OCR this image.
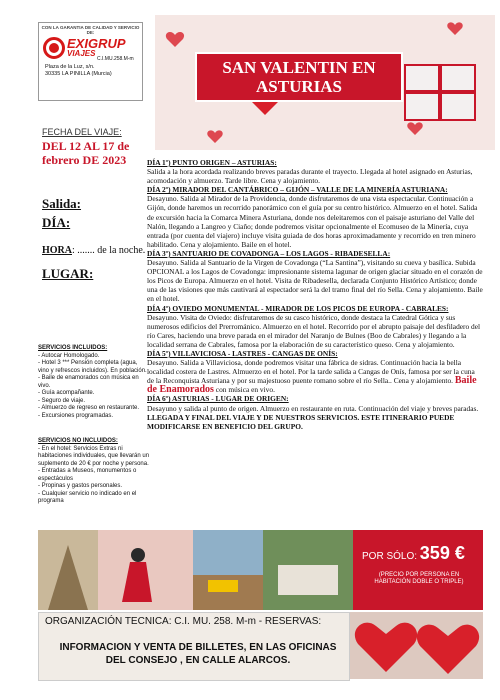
CON LA GARANTIA DE CALIDAD Y SERVICIO DE:
EXIGRUP
VIAJES
C.I.MU.258.M-m
Plaza de la Luz, s/n.
30335 LA PINILLA (Murcia)	SAN VALENTIN EN ASTURIAS
FECHA DEL VIAJE:
DEL 12 AL 17 de febrero DE 2023
Salida:
DÍA:
HORA: ....... de la noche.
LUGAR:
SERVICIOS INCLUIDOS:
- Autocar Homologado.
- Hotel 3 *** Pensión completa (agua, vino y refrescos incluidos). En población.
- Baile de enamorados con música en vivo.
- Guía acompañante.
- Seguro de viaje.
- Almuerzo de regreso en restaurante.
- Excursiones programadas.
SERVICIOS NO INCLUIDOS:
- En el hotel: Servicios Extras ni habitaciones individuales, que llevarán un suplemento de 20 € por noche y persona.
- Entradas a Museos, monumentos o espectáculos
- Propinas y gastos personales.
- Cualquier servicio no indicado en el programa

DÍA 1º) PUNTO ORIGEN – ASTURIAS:
Salida a la hora acordada realizando breves paradas durante el trayecto. Llegada al hotel asignado en Asturias, acomodación y almuerzo. Tarde libre. Cena y alojamiento.

DÍA 2º) MIRADOR DEL CANTÁBRICO – GIJÓN – VALLE DE LA MINERÍA ASTURIANA:
Desayuno. Salida al Mirador de la Providencia, donde disfrutaremos de una vista espectacular. Continuación a Gijón, donde haremos un recorrido panorámico con el guía por su centro histórico. Almuerzo en el hotel. Salida de excursión hacia la Comarca Minera Asturiana, donde nos deleitaremos con el paisaje asturiano del Valle del Nalón, llegando a Langreo y Ciaño; donde podremos visitar opcionalmente el Ecomuseo de la Minería, cuya entrada (por cuenta del viajero) incluye visita guiada de dos horas aproximadamente y recorrido en tren minero habilitado. Cena y alojamiento. Baile en el hotel.

DÍA 3º) SANTUARIO DE COVADONGA – LOS LAGOS - RIBADESELLA:
Desayuno. Salida al Santuario de la Virgen de Covadonga (“La Santina”), visitando su cueva y basílica. Subida OPCIONAL a los Lagos de Covadonga: impresionante sistema lagunar de origen glaciar situado en el corazón de los Picos de Europa. Almuerzo en el hotel. Visita de Ribadesella, declarada Conjunto Histórico Artístico; donde una de las visiones que más cautivará al espectador será la del tramo final del río Sella. Cena y alojamiento. Baile en el hotel.

DÍA 4º) OVIEDO MONUMENTAL - MIRADOR DE LOS PICOS DE EUROPA - CABRALES:
Desayuno. Visita de Oviedo: disfrutaremos de su casco histórico, donde destaca la Catedral Gótica y sus numerosos edificios del Prerrománico. Almuerzo en el hotel. Recorrido por el abrupto paisaje del desfiladero del río Cares, haciendo una breve parada en el mirador del Naranjo de Bulnes (Boo de Cabrales) y llegando a la localidad serrana de Cabrales, famosa por la elaboración de su característico queso. Cena y alojamiento.

DÍA 5º) VILLAVICIOSA - LASTRES - CANGAS DE ONÍS:
Desayuno. Salida a Villaviciosa, donde podremos visitar una fábrica de sidras. Continuación hacia la bella localidad costera de Lastres. Almuerzo en el hotel. Por la tarde salida a Cangas de Onís, famosa por ser la cuna de la Reconquista Asturiana y por su majestuoso puente romano sobre el río Sella.. Cena y alojamiento. Baile de Enamorados con música en vivo.

DÍA 6º) ASTURIAS - LUGAR DE ORIGEN:
Desayuno y salida al punto de origen. Almuerzo en restaurante en ruta. Continuación del viaje y breves paradas. LLEGADA Y FINAL DEL VIAJE Y DE NUESTROS SERVICIOS. ESTE ITINERARIO PUEDE MODIFICARSE EN BENEFICIO DEL GRUPO.

POR SÓLO: 359 €
(PRECIO POR PERSONA EN HABITACIÓN DOBLE O TRIPLE)
ORGANIZACIÓN TECNICA: C.I. MU. 258. M-m - RESERVAS:
INFORMACION Y VENTA DE BILLETES, EN LAS OFICINAS DEL CONSEJO , EN CALLE ALARCOS.
